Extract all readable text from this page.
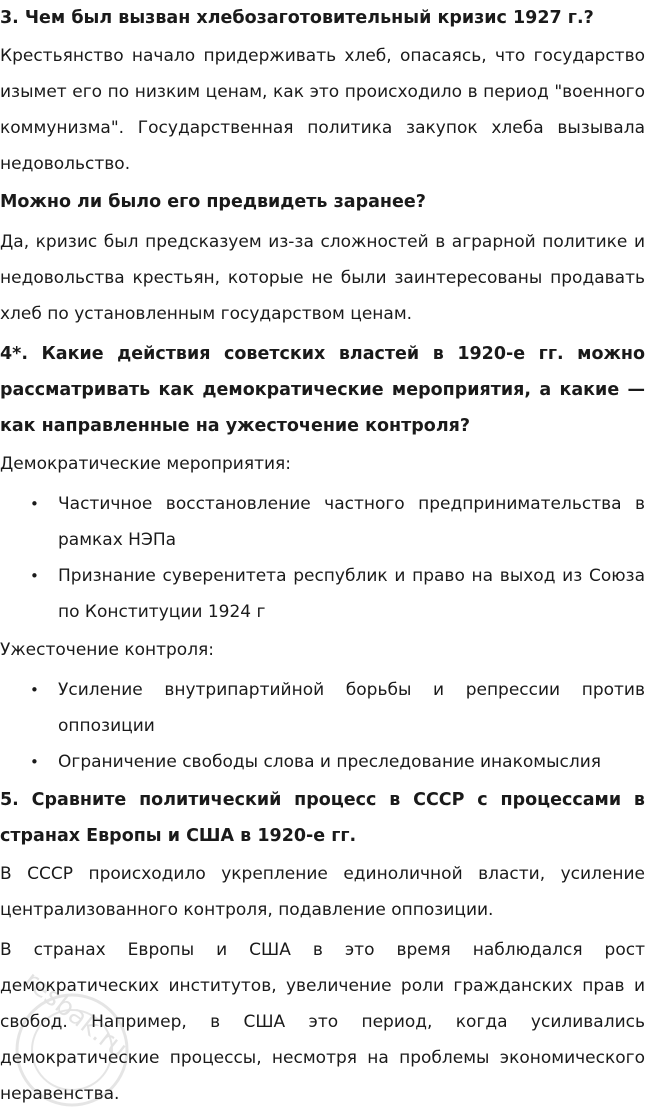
3. Чем был вызван хлебозаготовительный кризис 1927 г.?

Крестьянство начало придерживать хлеб, опасаясь, что государство изымет его по низким ценам, как это происходило в период "военного коммунизма". Государственная политика закупок хлеба вызывала недовольство.

Можно ли было его предвидеть заранее?

Да, кризис был предсказуем из-за сложностей в аграрной политике и недовольства крестьян, которые не были заинтересованы продавать хлеб по установленным государством ценам.

4*. Какие действия советских властей в 1920-е гг. можно рассматривать как демократические мероприятия, а какие — как направленные на ужесточение контроля?

Демократические мероприятия:

• Частичное восстановление частного предпринимательства в рамках НЭПа
• Признание суверенитета республик и право на выход из Союза по Конституции 1924 г

Ужесточение контроля:

• Усиление внутрипартийной борьбы и репрессии против оппозиции
• Ограничение свободы слова и преследование инакомыслия

5. Сравните политический процесс в СССР с процессами в странах Европы и США в 1920-е гг.

В СССР происходило укрепление единоличной власти, усиление централизованного контроля, подавление оппозиции.

В странах Европы и США в это время наблюдался рост демократических институтов, увеличение роли гражданских прав и свобод. Например, в США это период, когда усиливались демократические процессы, несмотря на проблемы экономического неравенства.

resbak.ru
